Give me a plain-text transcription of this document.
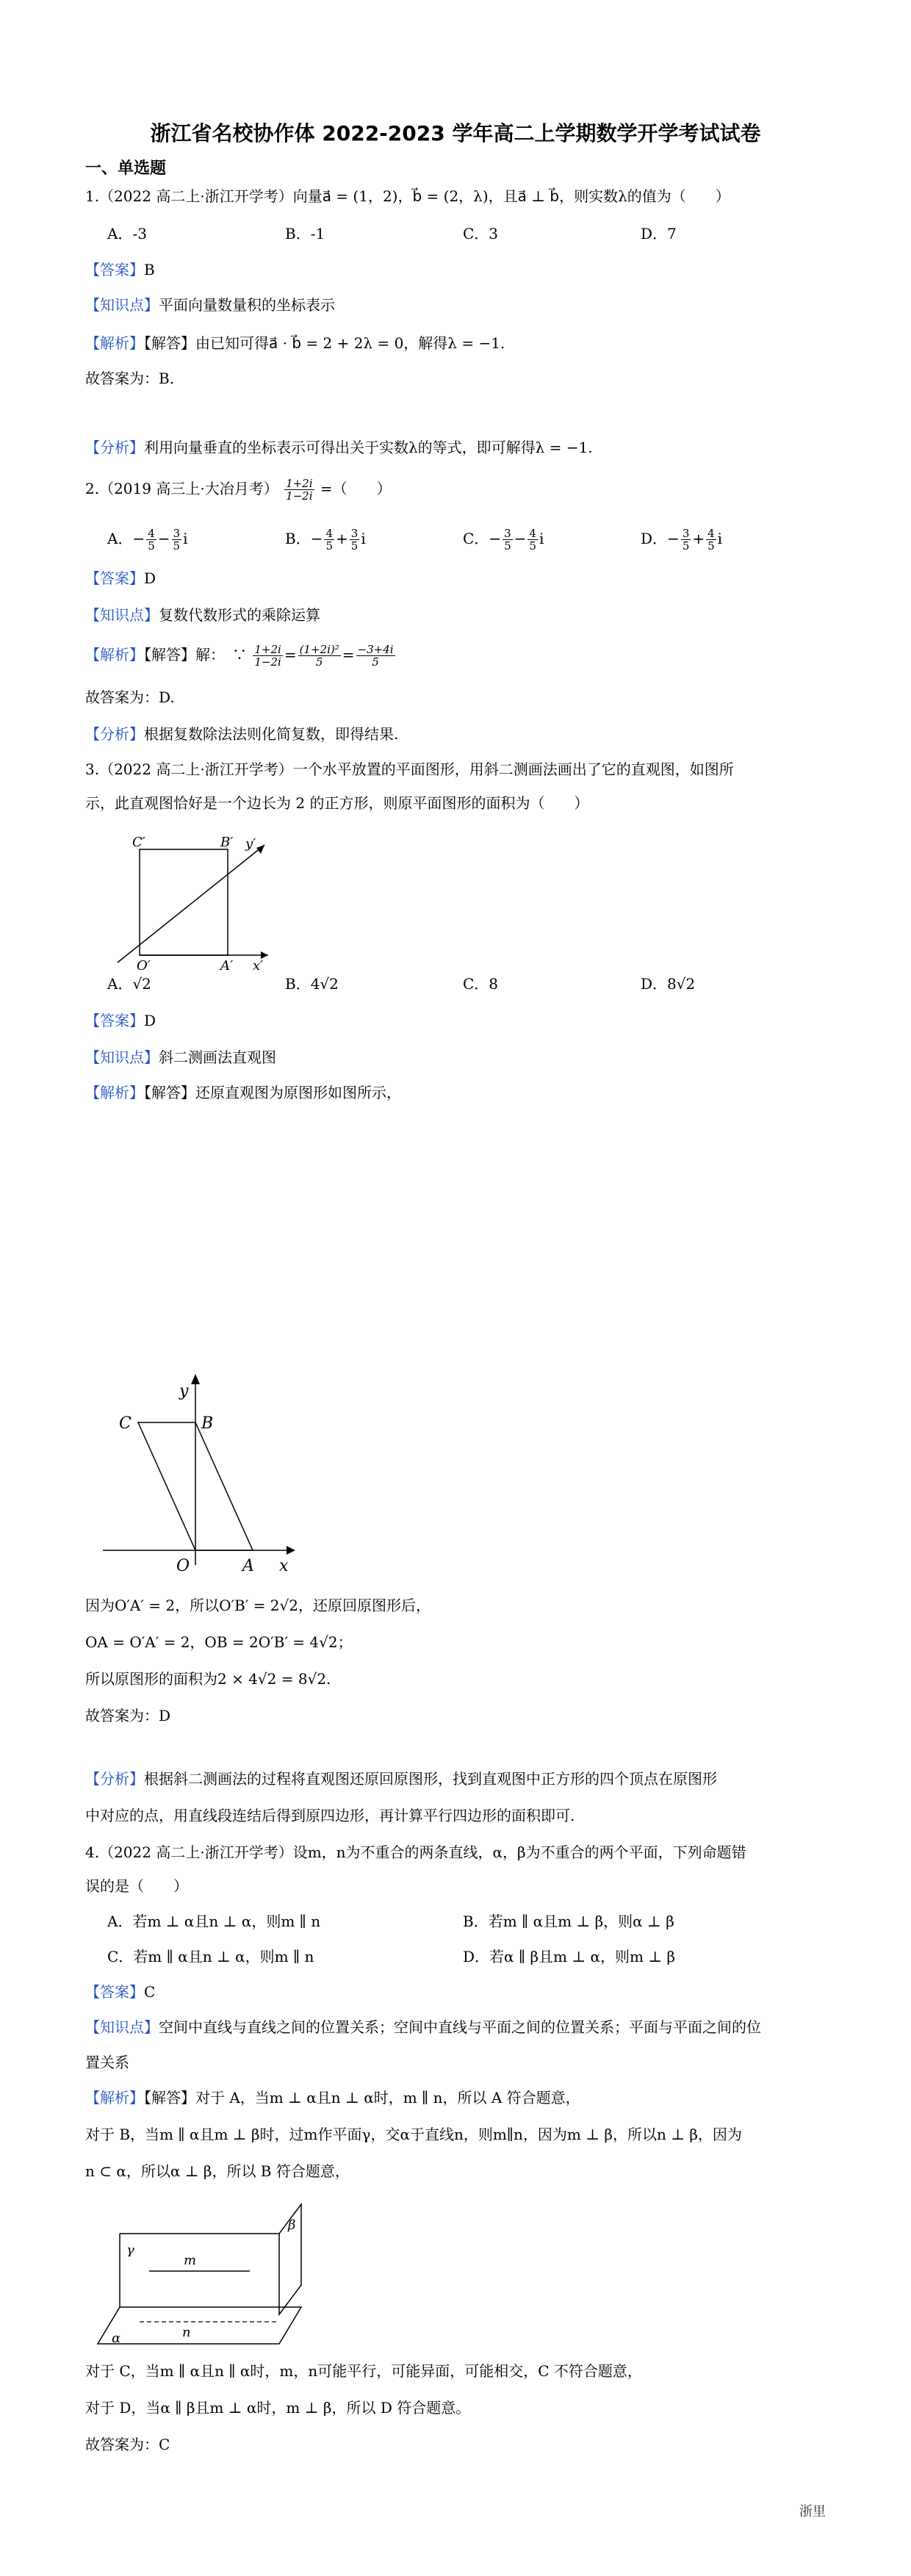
浙江省名校协作体 2022-2023 学年高二上学期数学开学考试试卷
一、单选题
1.（2022 高二上·浙江开学考）向量a⃗ = (1，2)，b⃗ = (2，λ)，且a⃗ ⊥ b⃗，则实数λ的值为（　　）
A．-3	B．-1	C．3	D．7
【答案】B
【知识点】平面向量数量积的坐标表示
【解析】【解答】由已知可得a⃗ · b⃗ = 2 + 2λ = 0，解得λ = −1.
故答案为：B.
【分析】利用向量垂直的坐标表示可得出关于实数λ的等式，即可解得λ = −1.
2.（2019 高三上·大冶月考） $\frac{1+2i}{1-2i}$ =（　　）
A．− $\frac{4}{5} - \frac{3}{5}$ i	B．− $\frac{4}{5} + \frac{3}{5}$ i	C．− $\frac{3}{5} - \frac{4}{5}$ i	D．− $\frac{3}{5} + \frac{4}{5}$ i
【答案】D
【知识点】复数代数形式的乘除运算
【解析】【解答】解：　∵ $\frac{1+2i}{1-2i} = \frac{\text{(1+2i)²}}{5} = \frac{-3+4i}{5}$
故答案为：D.
【分析】根据复数除法法则化简复数，即得结果.
3.（2022 高二上·浙江开学考）一个水平放置的平面图形，用斜二测画法画出了它的直观图，如图所
示，此直观图恰好是一个边长为 2 的正方形，则原平面图形的面积为（　　）
C′	B′ y′
O′	A′ x′
A．√2	B．4√2	C．8	D．8√2
【答案】D
【知识点】斜二测画法直观图
【解析】【解答】还原直观图为原图形如图所示，
y
C	B
O	A x
因为O′A′ = 2，所以O′B′ = 2√2，还原回原图形后，
OA = O′A′ = 2，OB = 2O′B′ = 4√2；
所以原图形的面积为2 × 4√2 = 8√2.
故答案为：D
【分析】根据斜二测画法的过程将直观图还原回原图形，找到直观图中正方形的四个顶点在原图形
中对应的点，用直线段连结后得到原四边形，再计算平行四边形的面积即可.
4.（2022 高二上·浙江开学考）设m，n为不重合的两条直线，α，β为不重合的两个平面，下列命题错
误的是（　　）
A．若m ⊥ α且n ⊥ α，则m ∥ n	B．若m ∥ α且m ⊥ β，则α ⊥ β
C．若m ∥ α且n ⊥ α，则m ∥ n	D．若α ∥ β且m ⊥ α，则m ⊥ β
【答案】C
【知识点】空间中直线与直线之间的位置关系；空间中直线与平面之间的位置关系；平面与平面之间的位
置关系
【解析】【解答】对于 A，当m ⊥ α且n ⊥ α时，m ∥ n，所以 A 符合题意，
对于 B，当m ∥ α且m ⊥ β时，过m作平面γ，交α于直线n，则m∥n，因为m ⊥ β，所以n ⊥ β，因为
n ⊂ α，所以α ⊥ β，所以 B 符合题意，
γ
β
m
n
α
对于 C，当m ∥ α且n ∥ α时，m，n可能平行，可能异面，可能相交，C 不符合题意，
对于 D，当α ∥ β且m ⊥ α时，m ⊥ β，所以 D 符合题意。
故答案为：C
浙里
